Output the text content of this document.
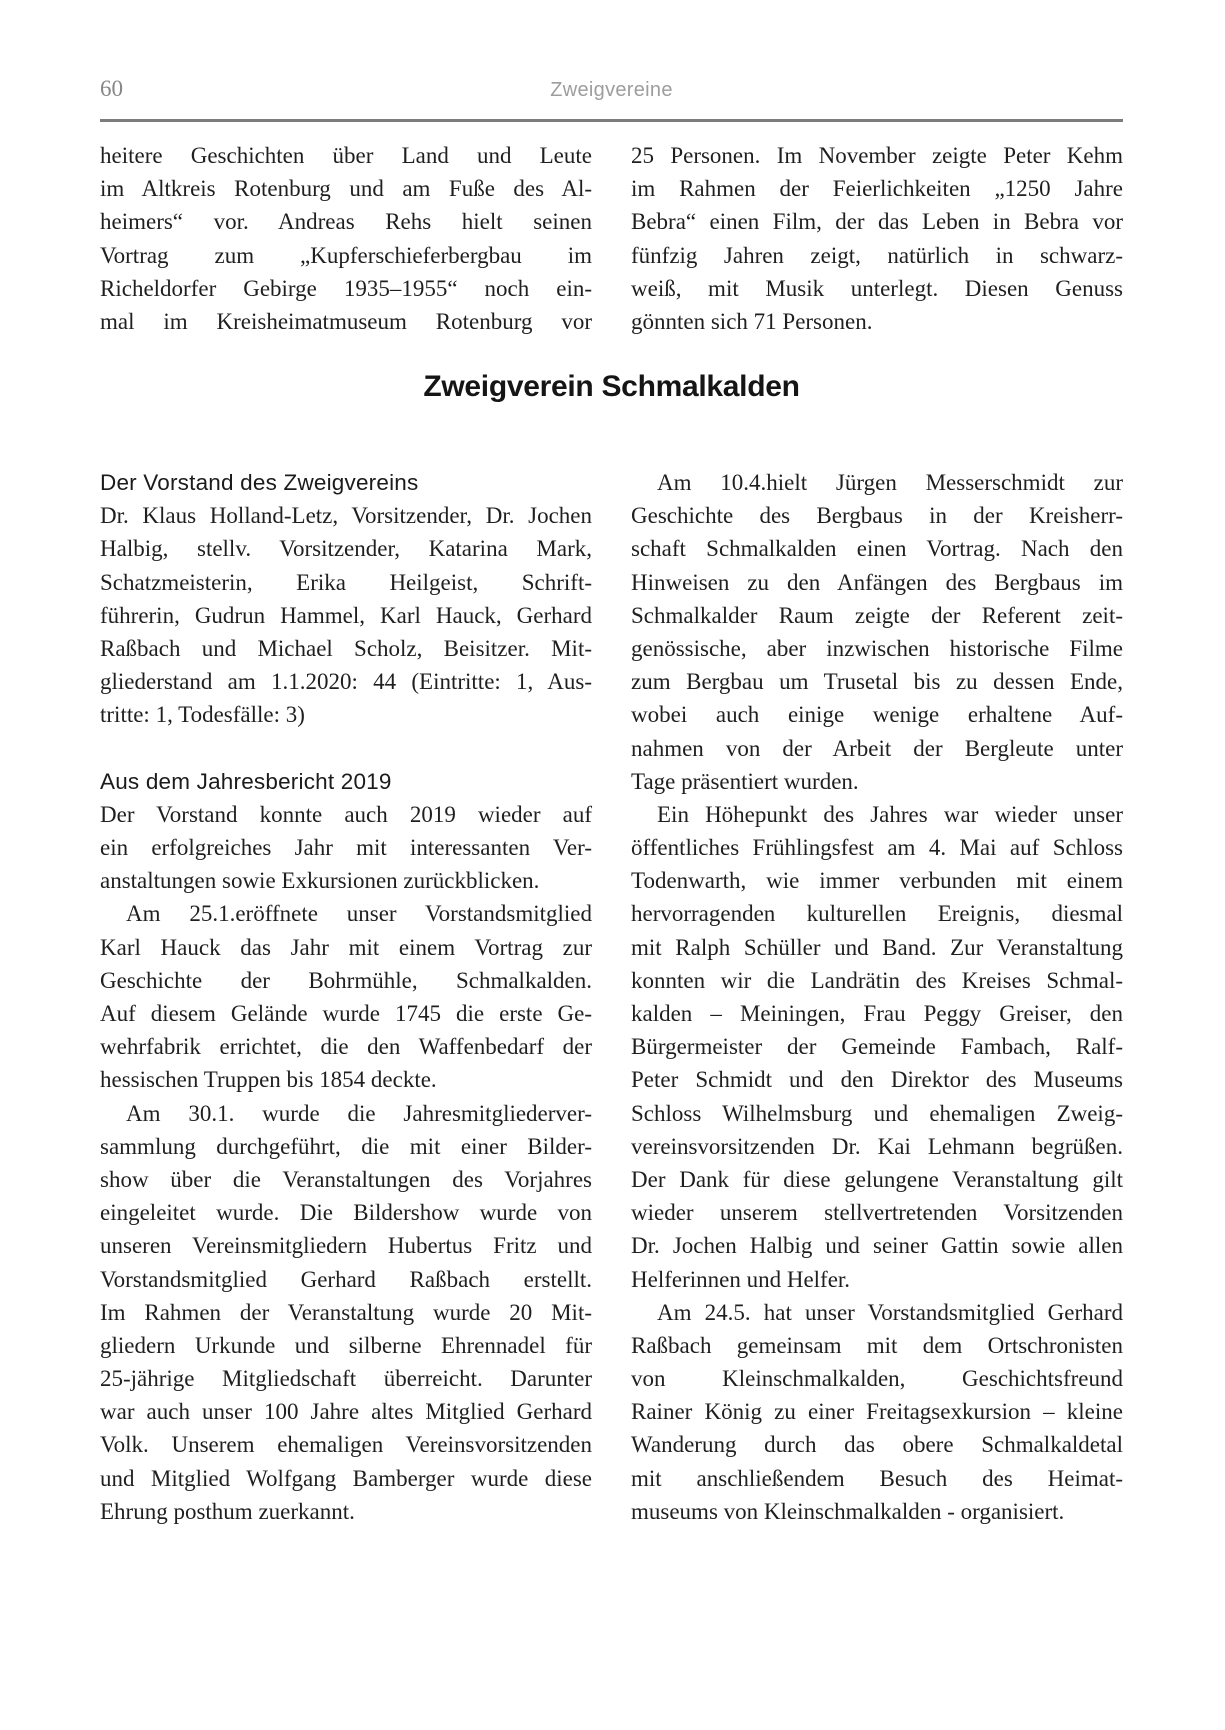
60	Zweigvereine
heitere Geschichten über Land und Leute
im Altkreis Rotenburg und am Fuße des Al-
heimers“ vor. Andreas Rehs hielt seinen
Vortrag zum „Kupferschieferbergbau im
Richeldorfer Gebirge 1935–1955“ noch ein-
mal im Kreisheimatmuseum Rotenburg vor
25 Personen. Im November zeigte Peter Kehm
im Rahmen der Feierlichkeiten „1250 Jahre
Bebra“ einen Film, der das Leben in Bebra vor
fünfzig Jahren zeigt, natürlich in schwarz-
weiß, mit Musik unterlegt. Diesen Genuss
gönnten sich 71 Personen.
Zweigverein Schmalkalden
Der Vorstand des Zweigvereins
Dr. Klaus Holland-Letz, Vorsitzender, Dr. Jochen
Halbig, stellv. Vorsitzender, Katarina Mark,
Schatzmeisterin, Erika Heilgeist, Schrift-
führerin, Gudrun Hammel, Karl Hauck, Gerhard
Raßbach und Michael Scholz, Beisitzer. Mit-
gliederstand am 1.1.2020: 44 (Eintritte: 1, Aus-
tritte: 1, Todesfälle: 3)
Aus dem Jahresbericht 2019
Der Vorstand konnte auch 2019 wieder auf
ein erfolgreiches Jahr mit interessanten Ver-
anstaltungen sowie Exkursionen zurückblicken.
Am 25.1.eröffnete unser Vorstandsmitglied
Karl Hauck das Jahr mit einem Vortrag zur
Geschichte der Bohrmühle, Schmalkalden.
Auf diesem Gelände wurde 1745 die erste Ge-
wehrfabrik errichtet, die den Waffenbedarf der
hessischen Truppen bis 1854 deckte.
Am 30.1. wurde die Jahresmitgliederver-
sammlung durchgeführt, die mit einer Bilder-
show über die Veranstaltungen des Vorjahres
eingeleitet wurde. Die Bildershow wurde von
unseren Vereinsmitgliedern Hubertus Fritz und
Vorstandsmitglied Gerhard Raßbach erstellt.
Im Rahmen der Veranstaltung wurde 20 Mit-
gliedern Urkunde und silberne Ehrennadel für
25-jährige Mitgliedschaft überreicht. Darunter
war auch unser 100 Jahre altes Mitglied Gerhard
Volk. Unserem ehemaligen Vereinsvorsitzenden
und Mitglied Wolfgang Bamberger wurde diese
Ehrung posthum zuerkannt.
Am 10.4.hielt Jürgen Messerschmidt zur
Geschichte des Bergbaus in der Kreisherr-
schaft Schmalkalden einen Vortrag. Nach den
Hinweisen zu den Anfängen des Bergbaus im
Schmalkalder Raum zeigte der Referent zeit-
genössische, aber inzwischen historische Filme
zum Bergbau um Trusetal bis zu dessen Ende,
wobei auch einige wenige erhaltene Auf-
nahmen von der Arbeit der Bergleute unter
Tage präsentiert wurden.
Ein Höhepunkt des Jahres war wieder unser
öffentliches Frühlingsfest am 4. Mai auf Schloss
Todenwarth, wie immer verbunden mit einem
hervorragenden kulturellen Ereignis, diesmal
mit Ralph Schüller und Band. Zur Veranstaltung
konnten wir die Landrätin des Kreises Schmal-
kalden – Meiningen, Frau Peggy Greiser, den
Bürgermeister der Gemeinde Fambach, Ralf-
Peter Schmidt und den Direktor des Museums
Schloss Wilhelmsburg und ehemaligen Zweig-
vereinsvorsitzenden Dr. Kai Lehmann begrüßen.
Der Dank für diese gelungene Veranstaltung gilt
wieder unserem stellvertretenden Vorsitzenden
Dr. Jochen Halbig und seiner Gattin sowie allen
Helferinnen und Helfer.
Am 24.5. hat unser Vorstandsmitglied Gerhard
Raßbach gemeinsam mit dem Ortschronisten
von Kleinschmalkalden, Geschichtsfreund
Rainer König zu einer Freitagsexkursion – kleine
Wanderung durch das obere Schmalkaldetal
mit anschließendem Besuch des Heimat-
museums von Kleinschmalkalden - organisiert.
